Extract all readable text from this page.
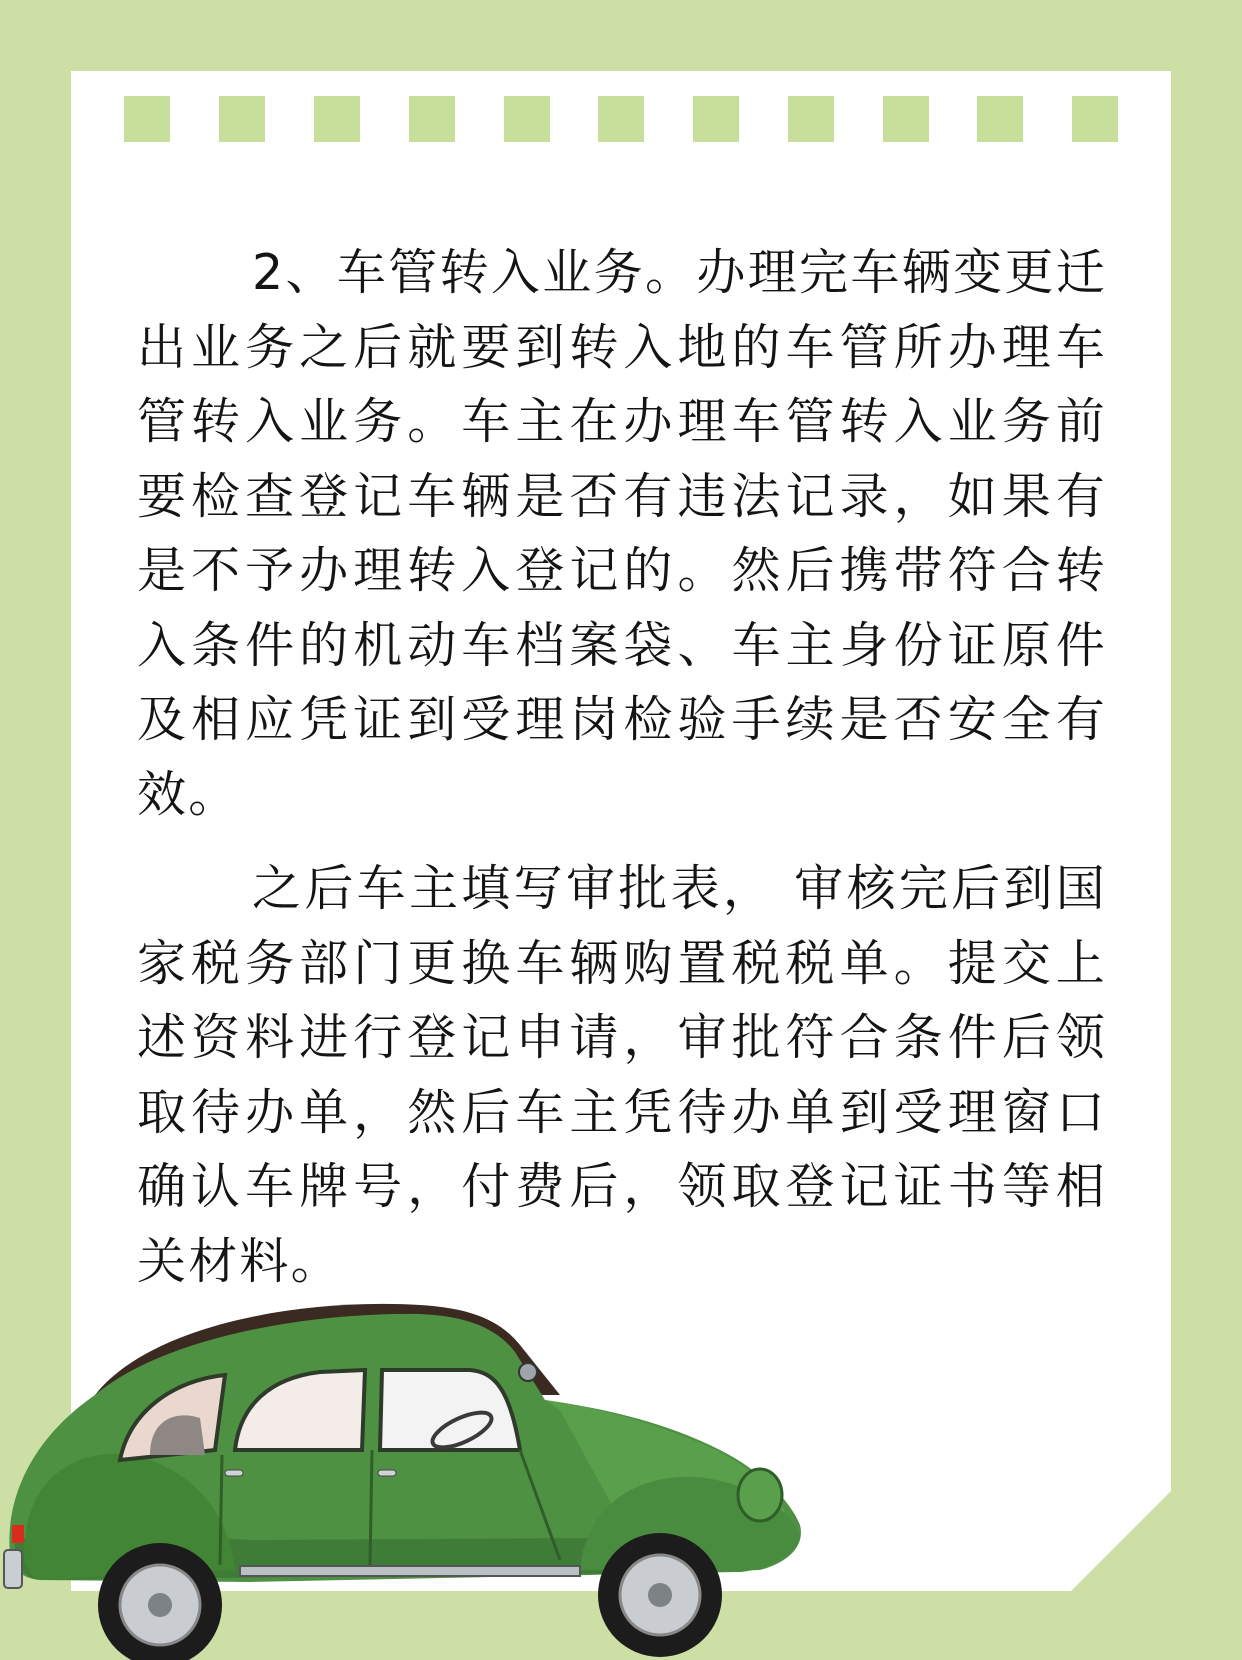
2、车管转入业务。办理完车辆变更迁出业务之后就要到转入地的车管所办理车管转入业务。车主在办理车管转入业务前要检查登记车辆是否有违法记录，如果有是不予办理转入登记的。然后携带符合转入条件的机动车档案袋、车主身份证原件及相应凭证到受理岗检验手续是否安全有效。

之后车主填写审批表， 审核完后到国家税务部门更换车辆购置税税单。提交上述资料进行登记申请，审批符合条件后领取待办单，然后车主凭待办单到受理窗口确认车牌号，付费后，领取登记证书等相关材料。
